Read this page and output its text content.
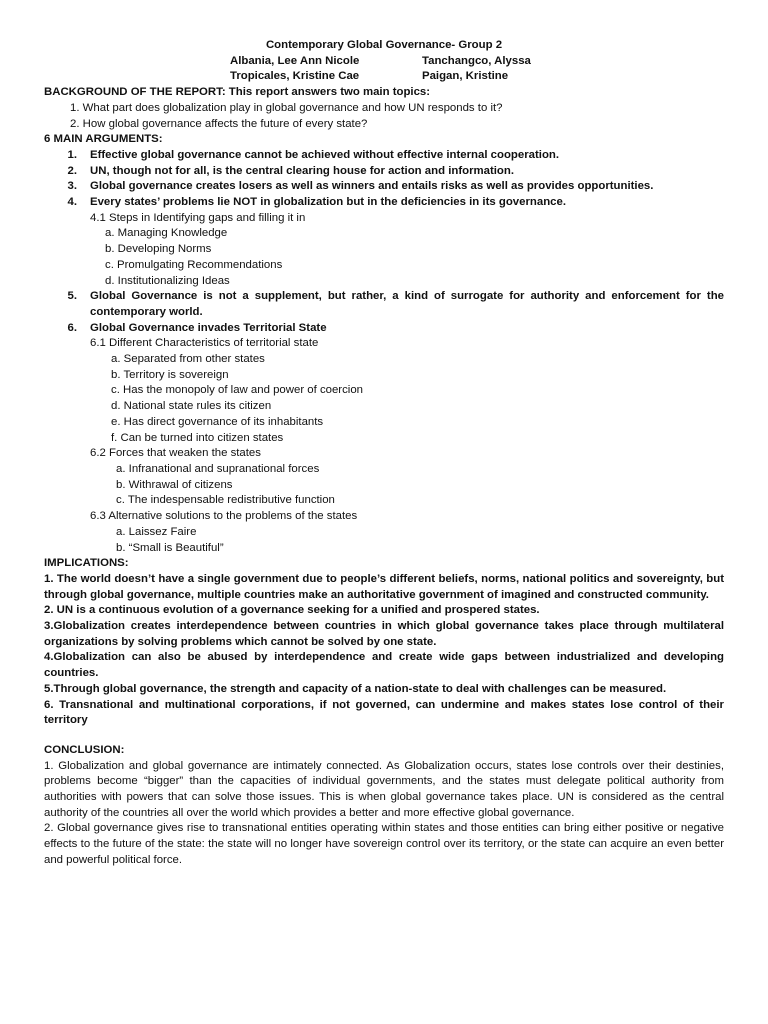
Contemporary Global Governance- Group 2
Albania, Lee Ann Nicole	Tanchangco, Alyssa
Tropicales, Kristine Cae	Paigan, Kristine
BACKGROUND OF THE REPORT: This report answers two main topics:
1. What part does globalization play in global governance and how UN responds to it?
2. How global governance affects the future of every state?
6 MAIN ARGUMENTS:
1.	Effective global governance cannot be achieved without effective internal cooperation.
2.	UN, though not for all, is the central clearing house for action and information.
3.	Global governance creates losers as well as winners and entails risks as well as provides opportunities.
4.	Every states’ problems lie NOT in globalization but in the deficiencies in its governance.
4.1 Steps in Identifying gaps and filling it in
a. Managing Knowledge
b. Developing Norms
c. Promulgating Recommendations
d. Institutionalizing Ideas
5.	Global Governance is not a supplement, but rather, a kind of surrogate for authority and enforcement for the contemporary world.
6.	Global Governance invades Territorial State
6.1 Different Characteristics of territorial state
a. Separated from other states
b. Territory is sovereign
c. Has the monopoly of law and power of coercion
d. National state rules its citizen
e. Has direct governance of its inhabitants
f. Can be turned into citizen states
6.2 Forces that weaken the states
a. Infranational and supranational forces
b. Withrawal of citizens
c. The indespensable redistributive function
6.3 Alternative solutions to the problems of the states
a. Laissez Faire
b. “Small is Beautiful”
IMPLICATIONS:
1. The world doesn’t have a single government due to people’s different beliefs, norms, national politics and sovereignty, but through global governance, multiple countries make an authoritative government of imagined and constructed community.
2. UN is a continuous evolution of a governance seeking for a unified and prospered states.
3.Globalization creates interdependence between countries in which global governance takes place through multilateral organizations by solving problems which cannot be solved by one state.
4.Globalization can also be abused by interdependence and create wide gaps between industrialized and developing countries.
5.Through global governance, the strength and capacity of a nation-state to deal with challenges can be measured.
6. Transnational and multinational corporations, if not governed, can undermine and makes states lose control of their territory
CONCLUSION:
1. Globalization and global governance are intimately connected. As Globalization occurs, states lose controls over their destinies, problems become “bigger” than the capacities of individual governments, and the states must delegate political authority from authorities with powers that can solve those issues. This is when global governance takes place. UN is considered as the central authority of the countries all over the world which provides a better and more effective global governance.
2. Global governance gives rise to transnational entities operating within states and those entities can bring either positive or negative effects to the future of the state: the state will no longer have sovereign control over its territory, or the state can acquire an even better and powerful political force.
